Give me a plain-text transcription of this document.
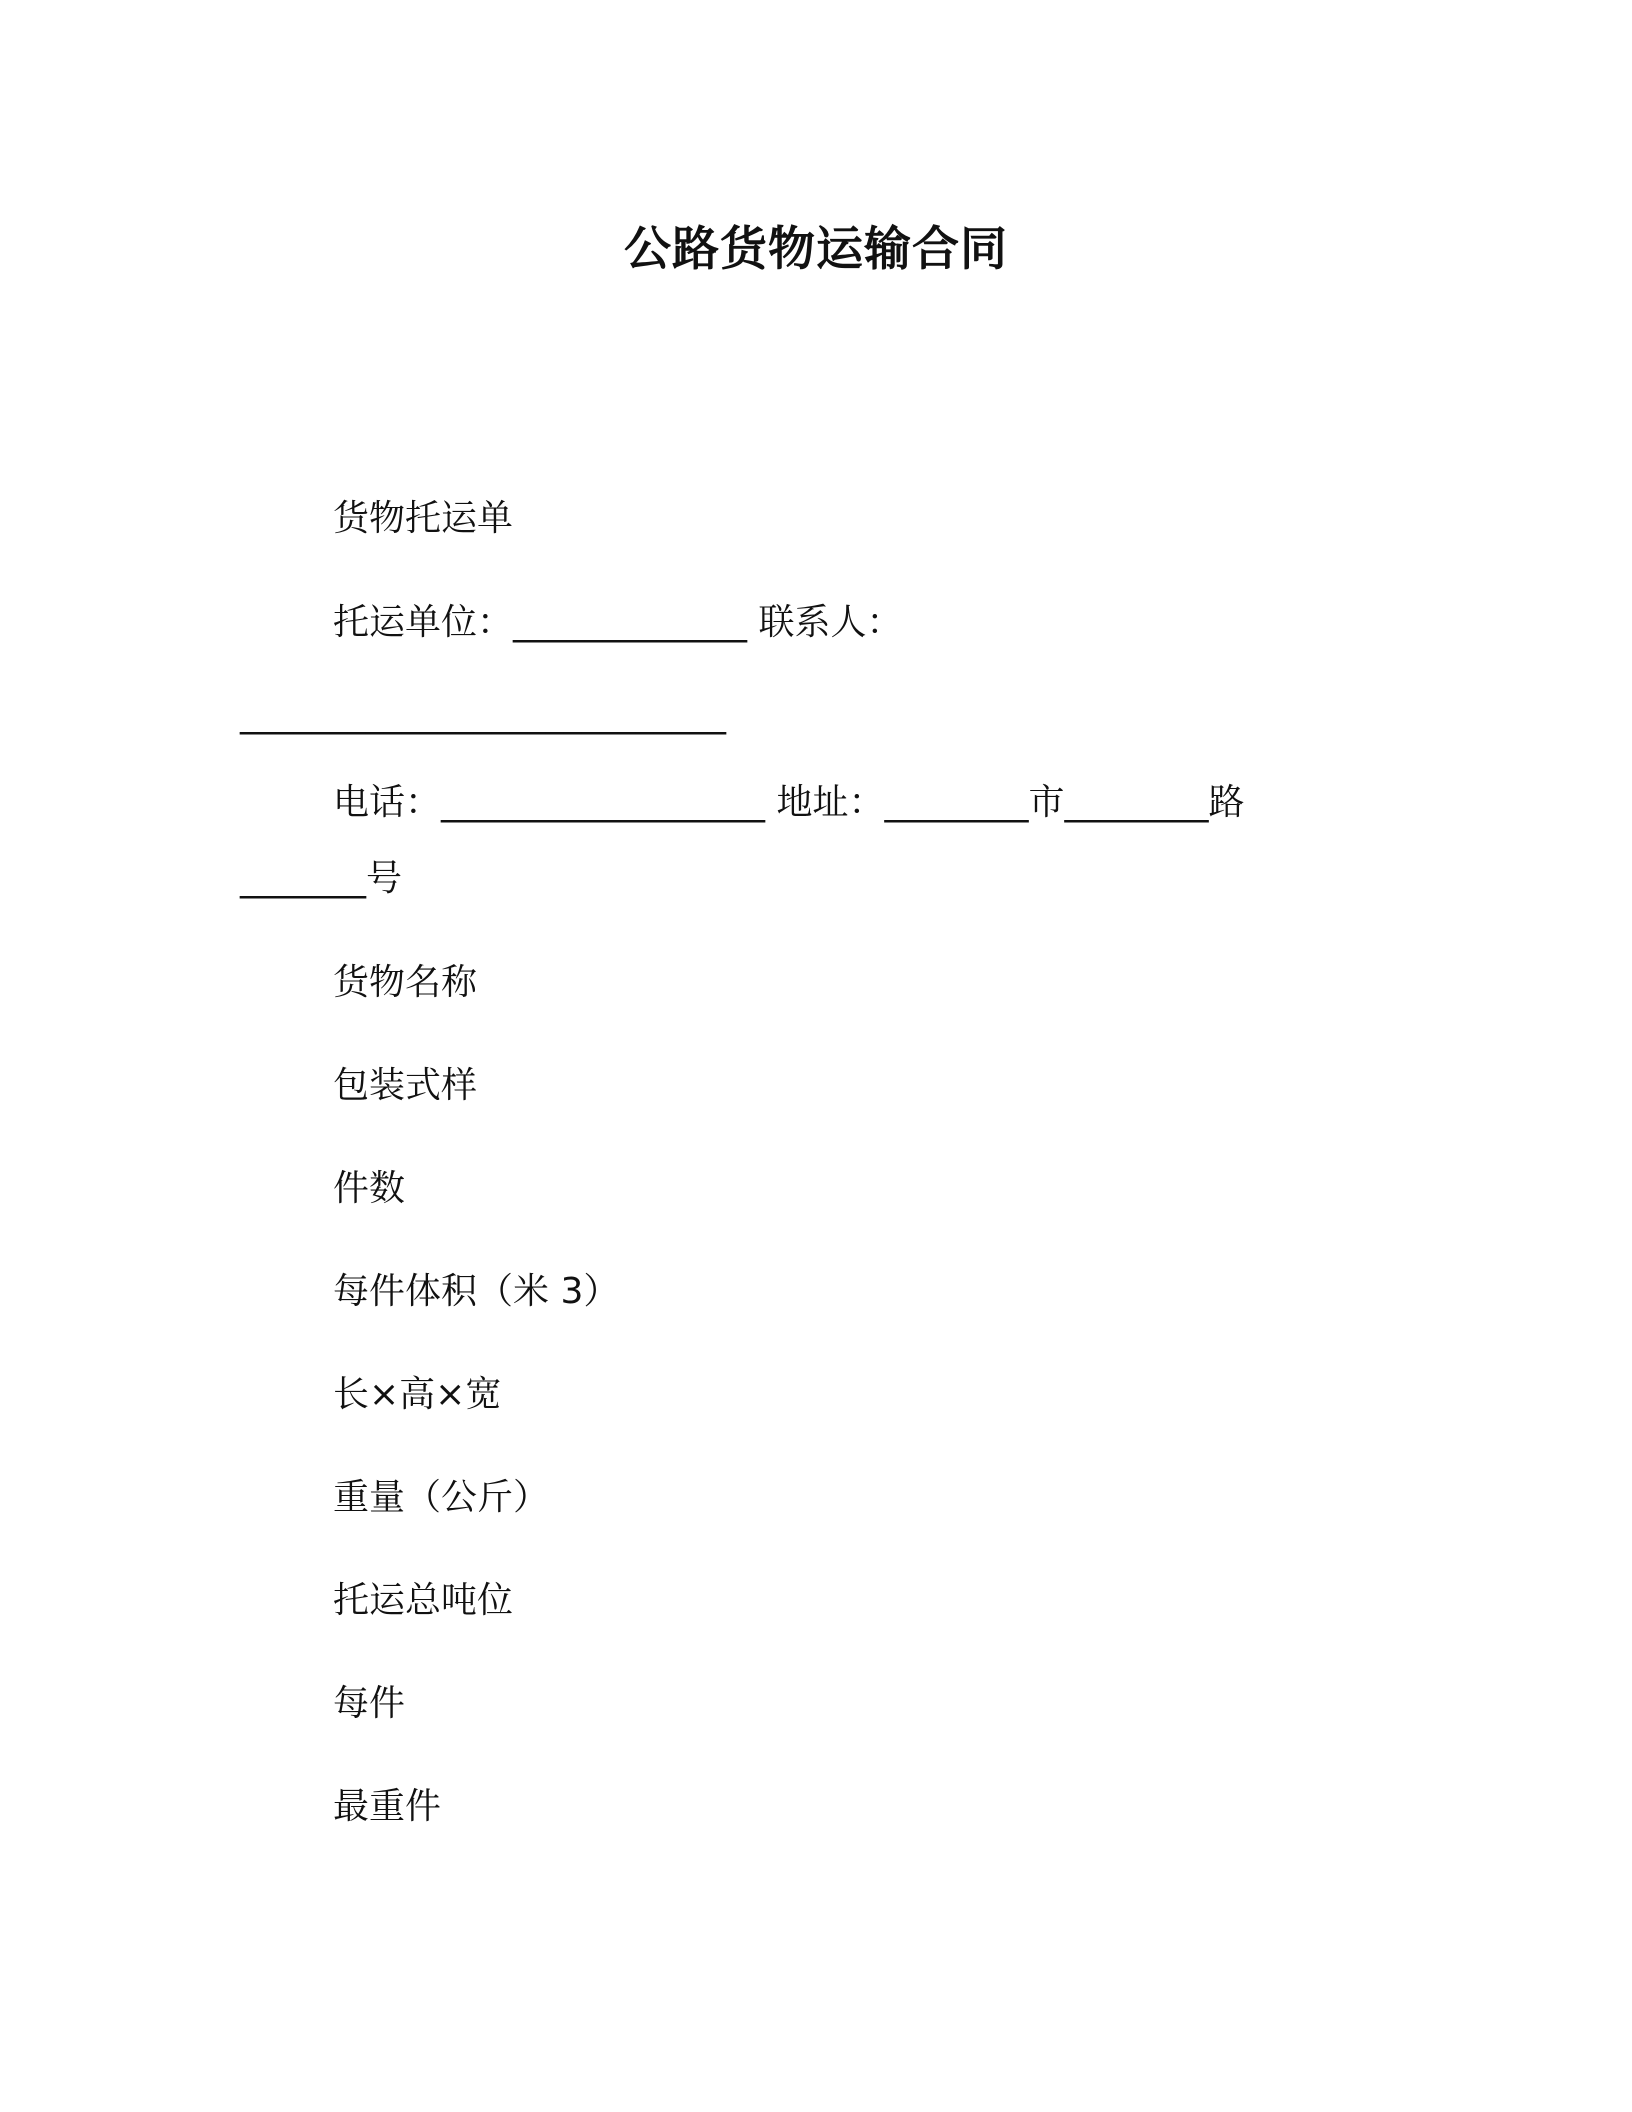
公路货物运输合同
货物托运单
托运单位：_____________ 联系人：
___________________________
电话：__________________ 地址：________市________路
_______号
货物名称
包装式样
件数
每件体积（米 3）
长×高×宽
重量（公斤）
托运总吨位
每件
最重件
